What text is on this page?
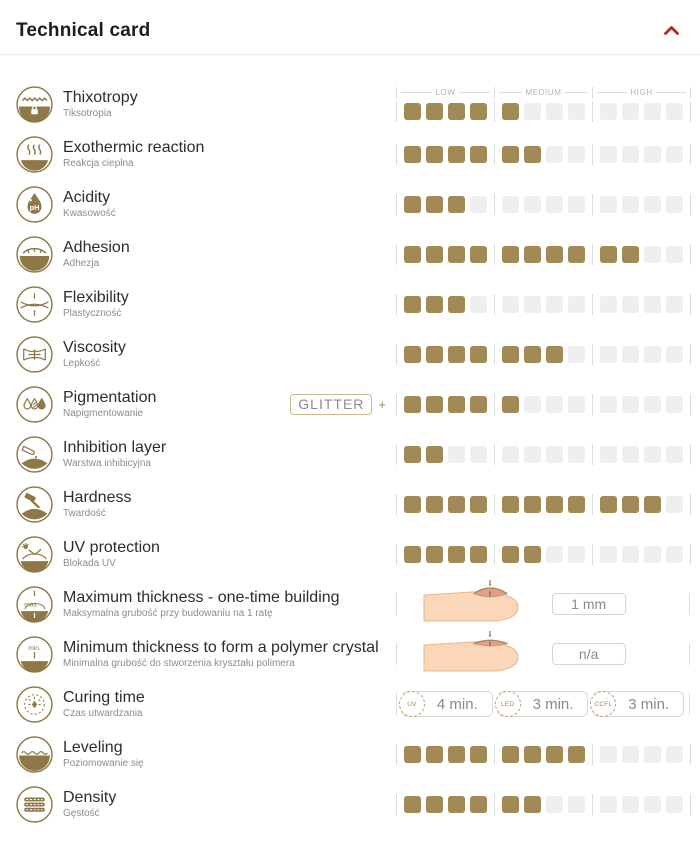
Technical card
Thixotropy
Tiksotropia
LOW	MEDIUM	HIGH
Exothermic reaction
Reakcja cieplna
pH
Acidity
Kwasowość
Adhesion
Adhezja
Flexibility
Plastyczność
Viscosity
Lepkość
Pigmentation
Napigmentowanie
GLITTER	+
Inhibition layer
Warstwa inhibicyjna
Hardness
Twardość
UV protection
Blokada UV
max. Maximum thickness - one-time building
Maksymalna grubość przy budowaniu na 1 ratę
1 mm
min. Minimum thickness to form a polymer crystal
Minimalna grubość do stworzenia kryształu polimera
n/a
Curing time
Czas utwardzania
UV	4 min.	LED	3 min.	CCFL 3 min.
Leveling
Poziomowanie się
Density
Gęstość
